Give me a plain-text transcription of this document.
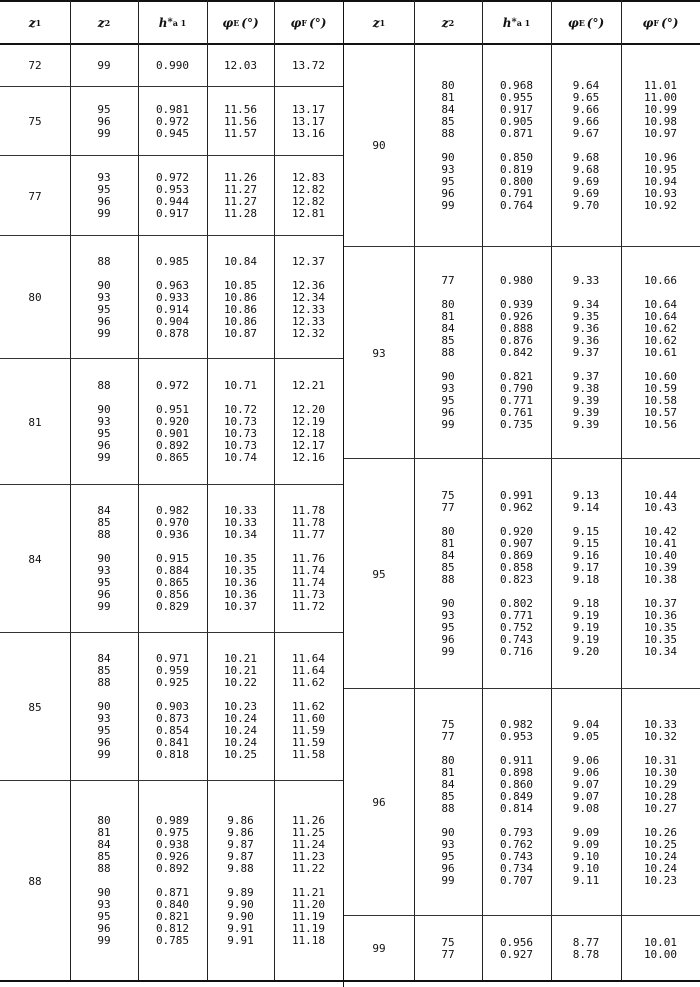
z 1	z 2	h * a 1	φ E (°)	φ F (°)
72	99	0.990	12.03	13.72
75
95	0.981	11.56	13.17
96	0.972	11.56	13.17
99	0.945	11.57	13.16
77
93	0.972	11.26	12.83
95	0.953	11.27	12.82
96	0.944	11.27	12.82
99	0.917	11.28	12.81
80
88	0.985	10.84	12.37
90	0.963	10.85	12.36
93	0.933	10.86	12.34
95	0.914	10.86	12.33
96	0.904	10.86	12.33
99	0.878	10.87	12.32
81
88	0.972	10.71	12.21
90	0.951	10.72	12.20
93	0.920	10.73	12.19
95	0.901	10.73	12.18
96	0.892	10.73	12.17
99	0.865	10.74	12.16
84
84	0.982	10.33	11.78
85	0.970	10.33	11.78
88	0.936	10.34	11.77
90	0.915	10.35	11.76
93	0.884	10.35	11.74
95	0.865	10.36	11.74
96	0.856	10.36	11.73
99	0.829	10.37	11.72
85
84	0.971	10.21	11.64
85	0.959	10.21	11.64
88	0.925	10.22	11.62
90	0.903	10.23	11.62
93	0.873	10.24	11.60
95	0.854	10.24	11.59
96	0.841	10.24	11.59
99	0.818	10.25	11.58
88
80	0.989	9.86	11.26
81	0.975	9.86	11.25
84	0.938	9.87	11.24
85	0.926	9.87	11.23
88	0.892	9.88	11.22
90	0.871	9.89	11.21
93	0.840	9.90	11.20
95	0.821	9.90	11.19
96	0.812	9.91	11.19
99	0.785	9.91	11.18
z 1	z 2	h * a 1	φ E (°)	φ F (°)
90
80	0.968	9.64	11.01
81	0.955	9.65	11.00
84	0.917	9.66	10.99
85	0.905	9.66	10.98
88	0.871	9.67	10.97
90	0.850	9.68	10.96
93	0.819	9.68	10.95
95	0.800	9.69	10.94
96	0.791	9.69	10.93
99	0.764	9.70	10.92
93
77	0.980	9.33	10.66
80	0.939	9.34	10.64
81	0.926	9.35	10.64
84	0.888	9.36	10.62
85	0.876	9.36	10.62
88	0.842	9.37	10.61
90	0.821	9.37	10.60
93	0.790	9.38	10.59
95	0.771	9.39	10.58
96	0.761	9.39	10.57
99	0.735	9.39	10.56
95
75	0.991	9.13	10.44
77	0.962	9.14	10.43
80	0.920	9.15	10.42
81	0.907	9.15	10.41
84	0.869	9.16	10.40
85	0.858	9.17	10.39
88	0.823	9.18	10.38
90	0.802	9.18	10.37
93	0.771	9.19	10.36
95	0.752	9.19	10.35
96	0.743	9.19	10.35
99	0.716	9.20	10.34
96
75	0.982	9.04	10.33
77	0.953	9.05	10.32
80	0.911	9.06	10.31
81	0.898	9.06	10.30
84	0.860	9.07	10.29
85	0.849	9.07	10.28
88	0.814	9.08	10.27
90	0.793	9.09	10.26
93	0.762	9.09	10.25
95	0.743	9.10	10.24
96	0.734	9.10	10.24
99	0.707	9.11	10.23
99	75	0.956	8.77	10.01
77	0.927	8.78	10.00
